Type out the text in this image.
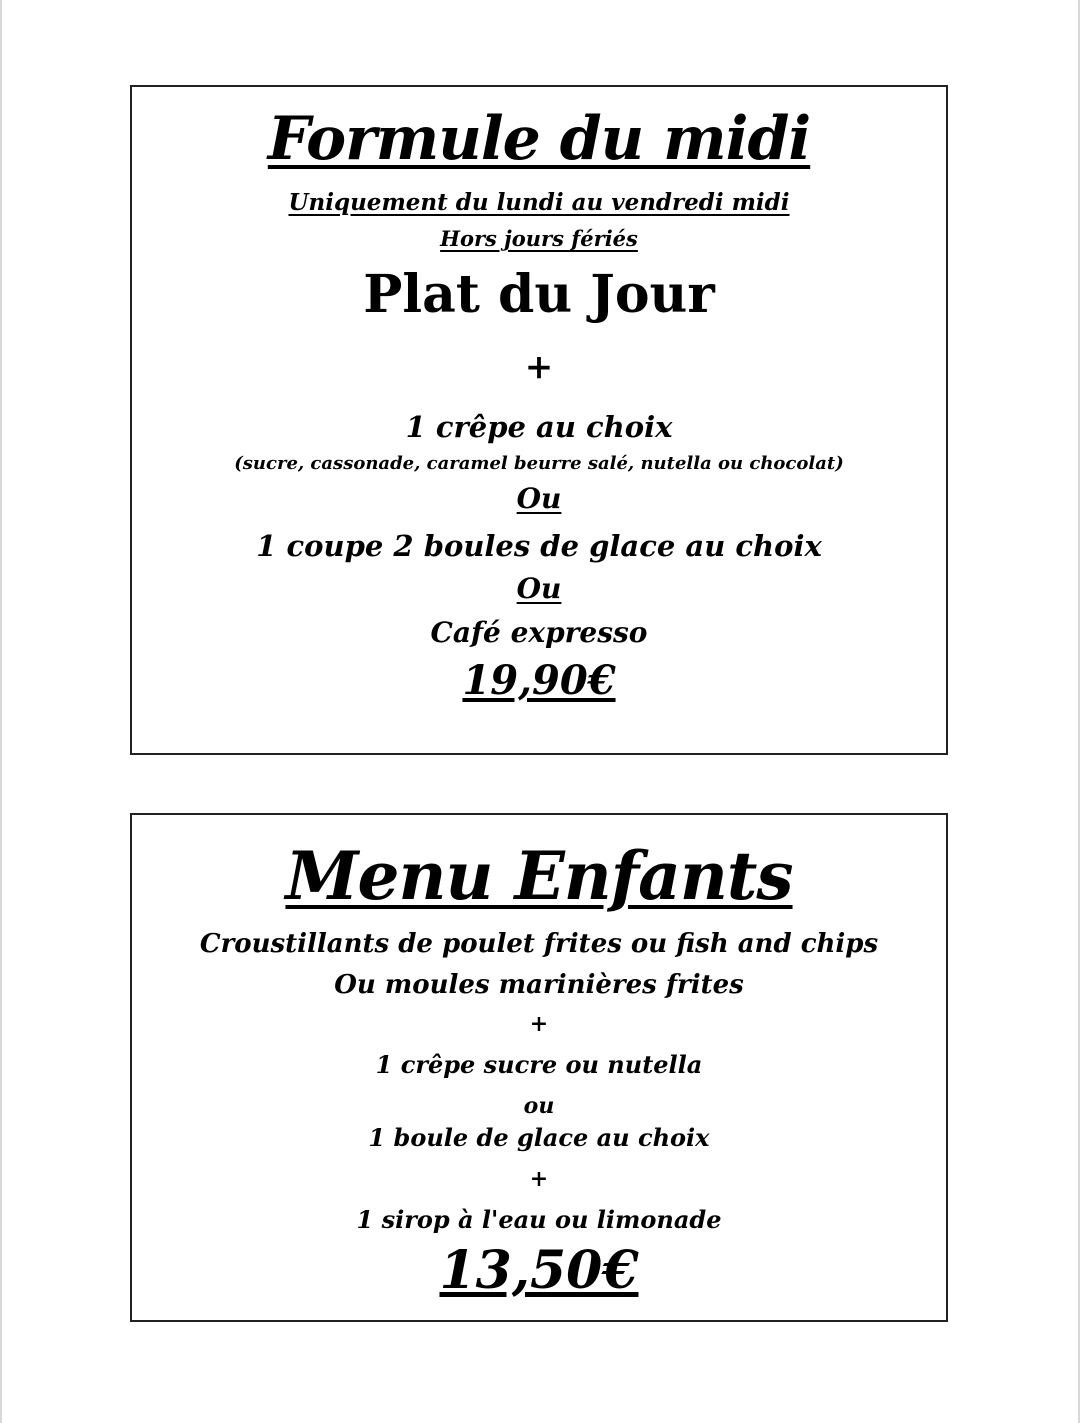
Formule du midi
Uniquement du lundi au vendredi midi
Hors jours fériés
Plat du Jour
+
1 crêpe au choix
(sucre, cassonade, caramel beurre salé, nutella ou chocolat)
Ou
1 coupe 2 boules de glace au choix
Ou
Café expresso
19,90€
Menu Enfants
Croustillants de poulet frites ou fish and chips
Ou moules marinières frites
+
1 crêpe sucre ou nutella
ou
1 boule de glace au choix
+
1 sirop à l'eau ou limonade
13,50€
